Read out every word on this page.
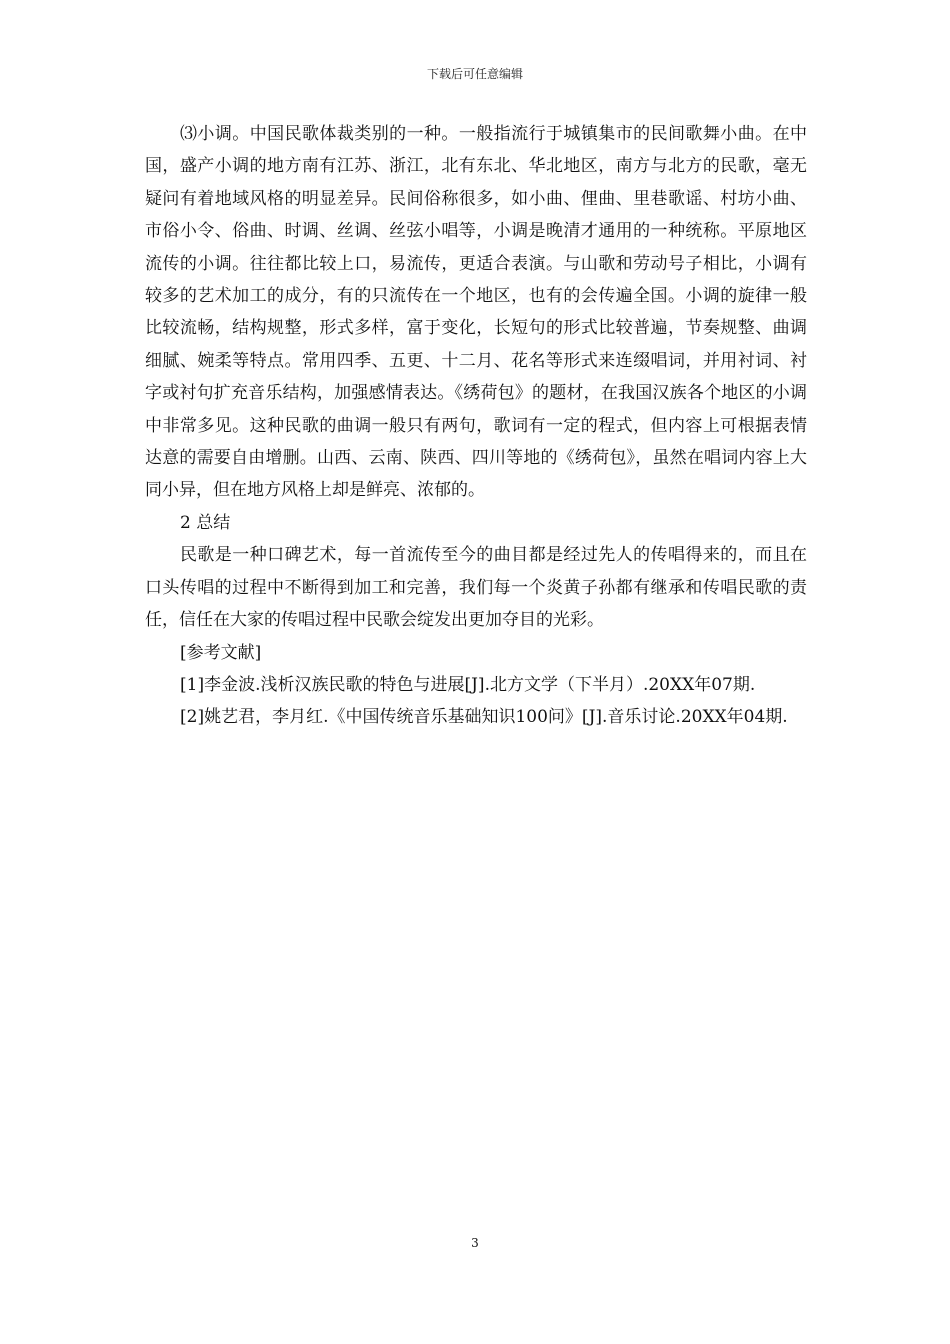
下载后可任意编辑

⑶小调。中国民歌体裁类别的一种。一般指流行于城镇集市的民间歌舞小曲。在中国，盛产小调的地方南有江苏、浙江，北有东北、华北地区，南方与北方的民歌，毫无疑问有着地域风格的明显差异。民间俗称很多，如小曲、俚曲、里巷歌谣、村坊小曲、市俗小令、俗曲、时调、丝调、丝弦小唱等，小调是晚清才通用的一种统称。平原地区流传的小调。往往都比较上口，易流传，更适合表演。与山歌和劳动号子相比，小调有较多的艺术加工的成分，有的只流传在一个地区，也有的会传遍全国。小调的旋律一般比较流畅，结构规整，形式多样，富于变化，长短句的形式比较普遍，节奏规整、曲调细腻、婉柔等特点。常用四季、五更、十二月、花名等形式来连缀唱词，并用衬词、衬字或衬句扩充音乐结构，加强感情表达。《绣荷包》的题材，在我国汉族各个地区的小调中非常多见。这种民歌的曲调一般只有两句，歌词有一定的程式，但内容上可根据表情达意的需要自由增删。山西、云南、陕西、四川等地的《绣荷包》，虽然在唱词内容上大同小异，但在地方风格上却是鲜亮、浓郁的。

2 总结

民歌是一种口碑艺术，每一首流传至今的曲目都是经过先人的传唱得来的，而且在口头传唱的过程中不断得到加工和完善，我们每一个炎黄子孙都有继承和传唱民歌的责任，信任在大家的传唱过程中民歌会绽发出更加夺目的光彩。

[参考文献]

[1]李金波.浅析汉族民歌的特色与进展[J].北方文学（下半月）.20XX年07期.

[2]姚艺君，李月红.《中国传统音乐基础知识100问》[J].音乐讨论.20XX年04期.

3
